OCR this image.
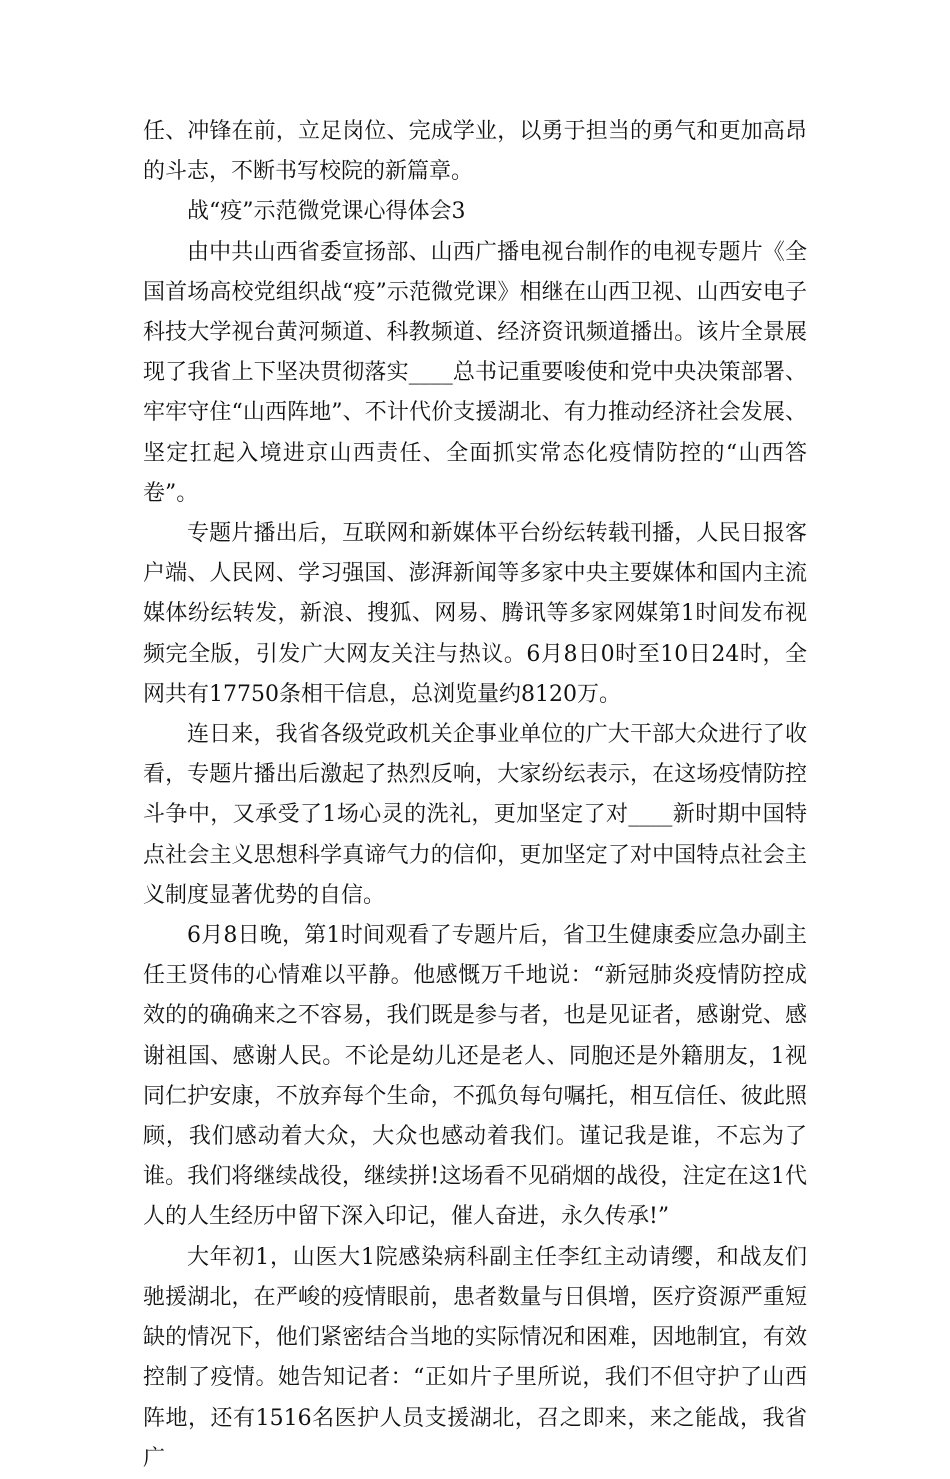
任、冲锋在前，立足岗位、完成学业，以勇于担当的勇气和更加高昂的斗志，不断书写校院的新篇章。

战“疫”示范微党课心得体会3

由中共山西省委宣扬部、山西广播电视台制作的电视专题片《全国首场高校党组织战“疫”示范微党课》相继在山西卫视、山西安电子科技大学视台黄河频道、科教频道、经济资讯频道播出。该片全景展现了我省上下坚决贯彻落实____总书记重要唆使和党中央决策部署、牢牢守住“山西阵地”、不计代价支援湖北、有力推动经济社会发展、坚定扛起入境进京山西责任、全面抓实常态化疫情防控的“山西答卷”。

专题片播出后，互联网和新媒体平台纷纭转载刊播，人民日报客户端、人民网、学习强国、澎湃新闻等多家中央主要媒体和国内主流媒体纷纭转发，新浪、搜狐、网易、腾讯等多家网媒第1时间发布视频完全版，引发广大网友关注与热议。6月8日0时至10日24时，全网共有17750条相干信息，总浏览量约8120万。

连日来，我省各级党政机关企事业单位的广大干部大众进行了收看，专题片播出后激起了热烈反响，大家纷纭表示，在这场疫情防控斗争中，又承受了1场心灵的洗礼，更加坚定了对____新时期中国特点社会主义思想科学真谛气力的信仰，更加坚定了对中国特点社会主义制度显著优势的自信。

6月8日晚，第1时间观看了专题片后，省卫生健康委应急办副主任王贤伟的心情难以平静。他感慨万千地说：“新冠肺炎疫情防控成效的的确确来之不容易，我们既是参与者，也是见证者，感谢党、感谢祖国、感谢人民。不论是幼儿还是老人、同胞还是外籍朋友，1视同仁护安康，不放弃每个生命，不孤负每句嘱托，相互信任、彼此照顾，我们感动着大众，大众也感动着我们。谨记我是谁，不忘为了谁。我们将继续战役，继续拼!这场看不见硝烟的战役，注定在这1代人的人生经历中留下深入印记，催人奋进，永久传承!”

大年初1，山医大1院感染病科副主任李红主动请缨，和战友们驰援湖北，在严峻的疫情眼前，患者数量与日俱增，医疗资源严重短缺的情况下，他们紧密结合当地的实际情况和困难，因地制宜，有效控制了疫情。她告知记者：“正如片子里所说，我们不但守护了山西阵地，还有1516名医护人员支援湖北，召之即来，来之能战，我省广
